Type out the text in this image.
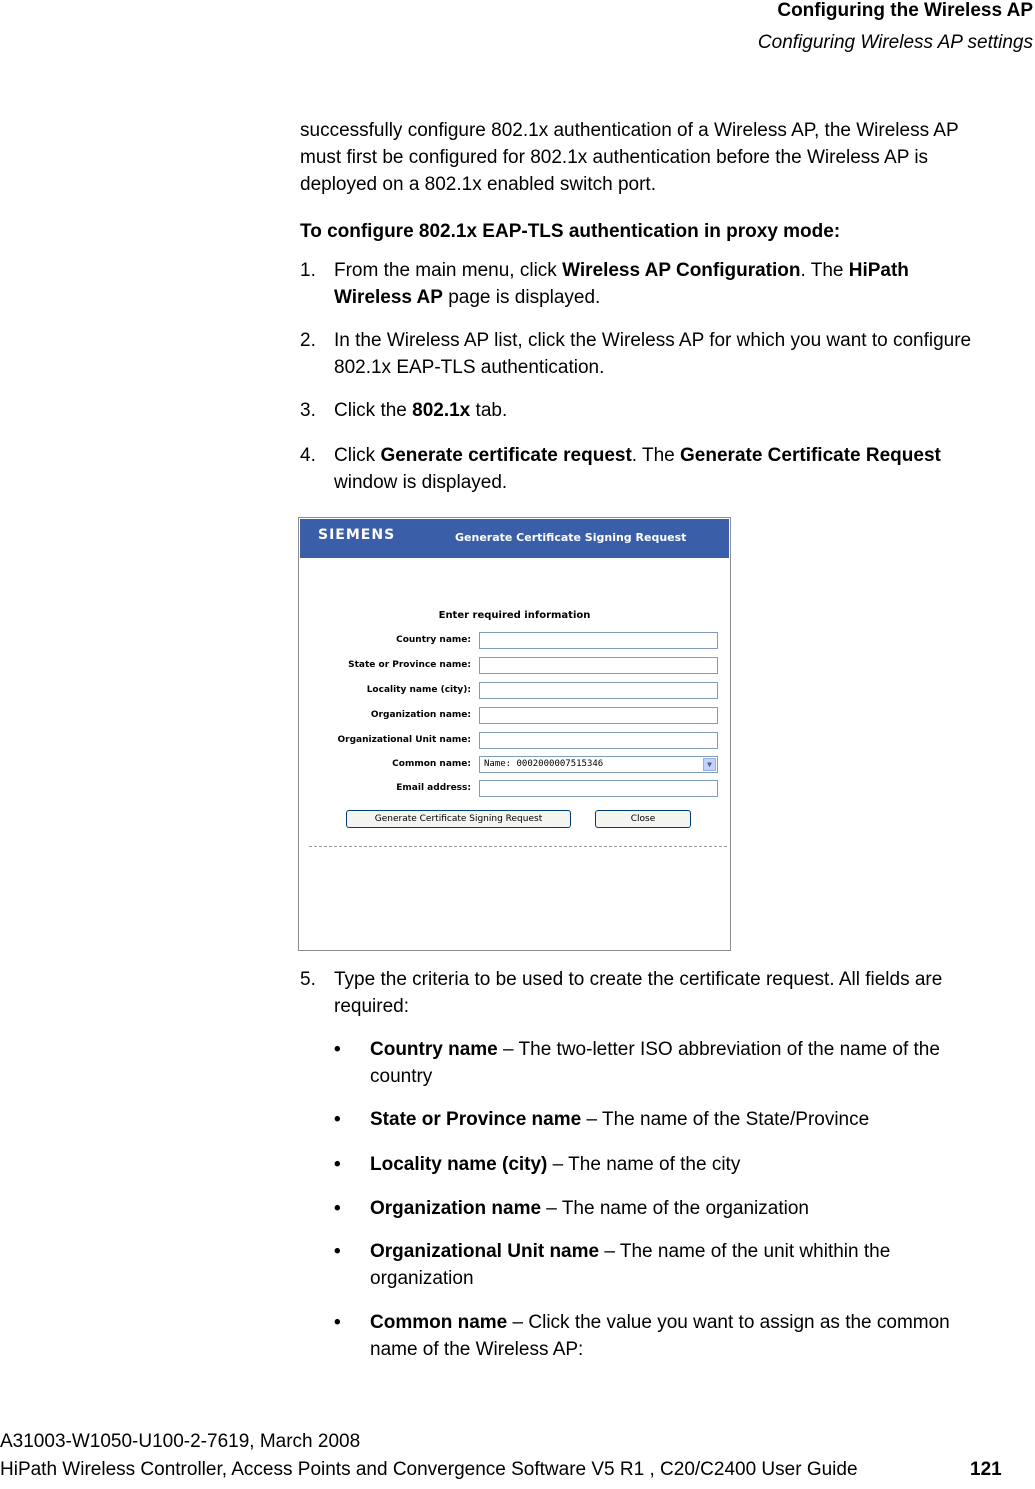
Configuring the Wireless AP
Configuring Wireless AP settings
successfully configure 802.1x authentication of a Wireless AP, the Wireless AP
must first be configured for 802.1x authentication before the Wireless AP is
deployed on a 802.1x enabled switch port.
To configure 802.1x EAP-TLS authentication in proxy mode:
1. From the main menu, click Wireless AP Configuration. The HiPath
Wireless AP page is displayed.
2. In the Wireless AP list, click the Wireless AP for which you want to configure
802.1x EAP-TLS authentication.
3. Click the 802.1x tab.
4. Click Generate certificate request. The Generate Certificate Request
window is displayed.
SIEMENS	Generate Certificate Signing Request
Enter required information
Country name:
State or Province name:
Locality name (city):
Organization name:
Organizational Unit name:
Common name:	Name: 0002000007515346	▼
Email address:
Generate Certificate Signing Request	Close
5. Type the criteria to be used to create the certificate request. All fields are
required:
• Country name – The two-letter ISO abbreviation of the name of the
country
• State or Province name – The name of the State/Province
• Locality name (city) – The name of the city
• Organization name – The name of the organization
• Organizational Unit name – The name of the unit whithin the
organization
• Common name – Click the value you want to assign as the common
name of the Wireless AP:
A31003-W1050-U100-2-7619, March 2008
HiPath Wireless Controller, Access Points and Convergence Software V5 R1 , C20/C2400 User Guide	121
